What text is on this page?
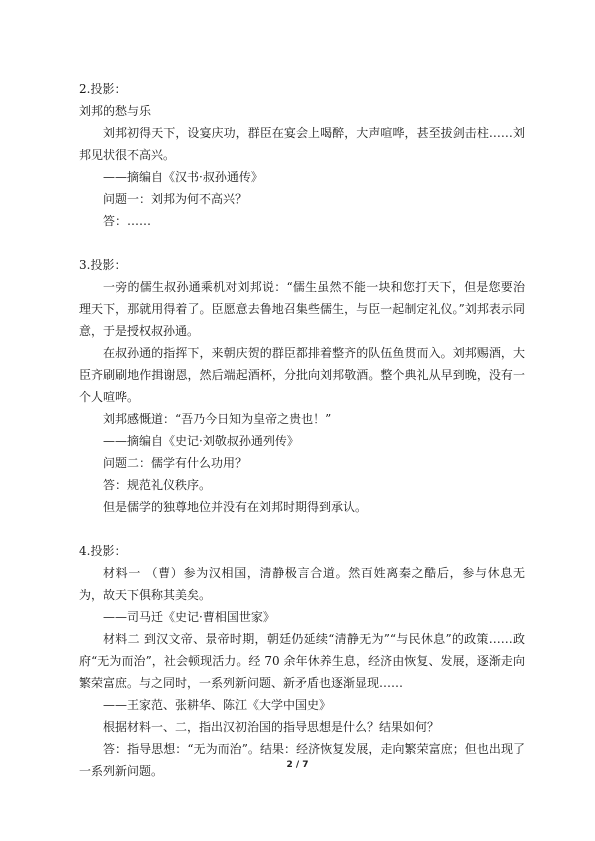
2.投影：
刘邦的愁与乐

刘邦初得天下，设宴庆功，群臣在宴会上喝醉，大声喧哗，甚至拔剑击柱……刘邦见状很不高兴。

——摘编自《汉书·叔孙通传》

问题一：刘邦为何不高兴？

答：……

3.投影：

一旁的儒生叔孙通乘机对刘邦说：“儒生虽然不能一块和您打天下，但是您要治理天下，那就用得着了。臣愿意去鲁地召集些儒生，与臣一起制定礼仪。”刘邦表示同意，于是授权叔孙通。

在叔孙通的指挥下，来朝庆贺的群臣都排着整齐的队伍鱼贯而入。刘邦赐酒，大臣齐刷刷地作揖谢恩，然后端起酒杯，分批向刘邦敬酒。整个典礼从早到晚，没有一个人喧哗。

刘邦感慨道：“吾乃今日知为皇帝之贵也！”

——摘编自《史记·刘敬叔孙通列传》

问题二：儒学有什么功用？

答：规范礼仪秩序。

但是儒学的独尊地位并没有在刘邦时期得到承认。

4.投影：

材料一 （曹）参为汉相国，清静极言合道。然百姓离秦之酷后，参与休息无为，故天下俱称其美矣。

——司马迁《史记·曹相国世家》

材料二 到汉文帝、景帝时期，朝廷仍延续“清静无为”“与民休息”的政策……政府“无为而治”，社会顿现活力。经 70 余年休养生息，经济由恢复、发展，逐渐走向繁荣富庶。与之同时，一系列新问题、新矛盾也逐渐显现……

——王家范、张耕华、陈江《大学中国史》

根据材料一、二，指出汉初治国的指导思想是什么？结果如何？

答：指导思想：“无为而治”。结果：经济恢复发展，走向繁荣富庶；但也出现了一系列新问题。	2 / 7
